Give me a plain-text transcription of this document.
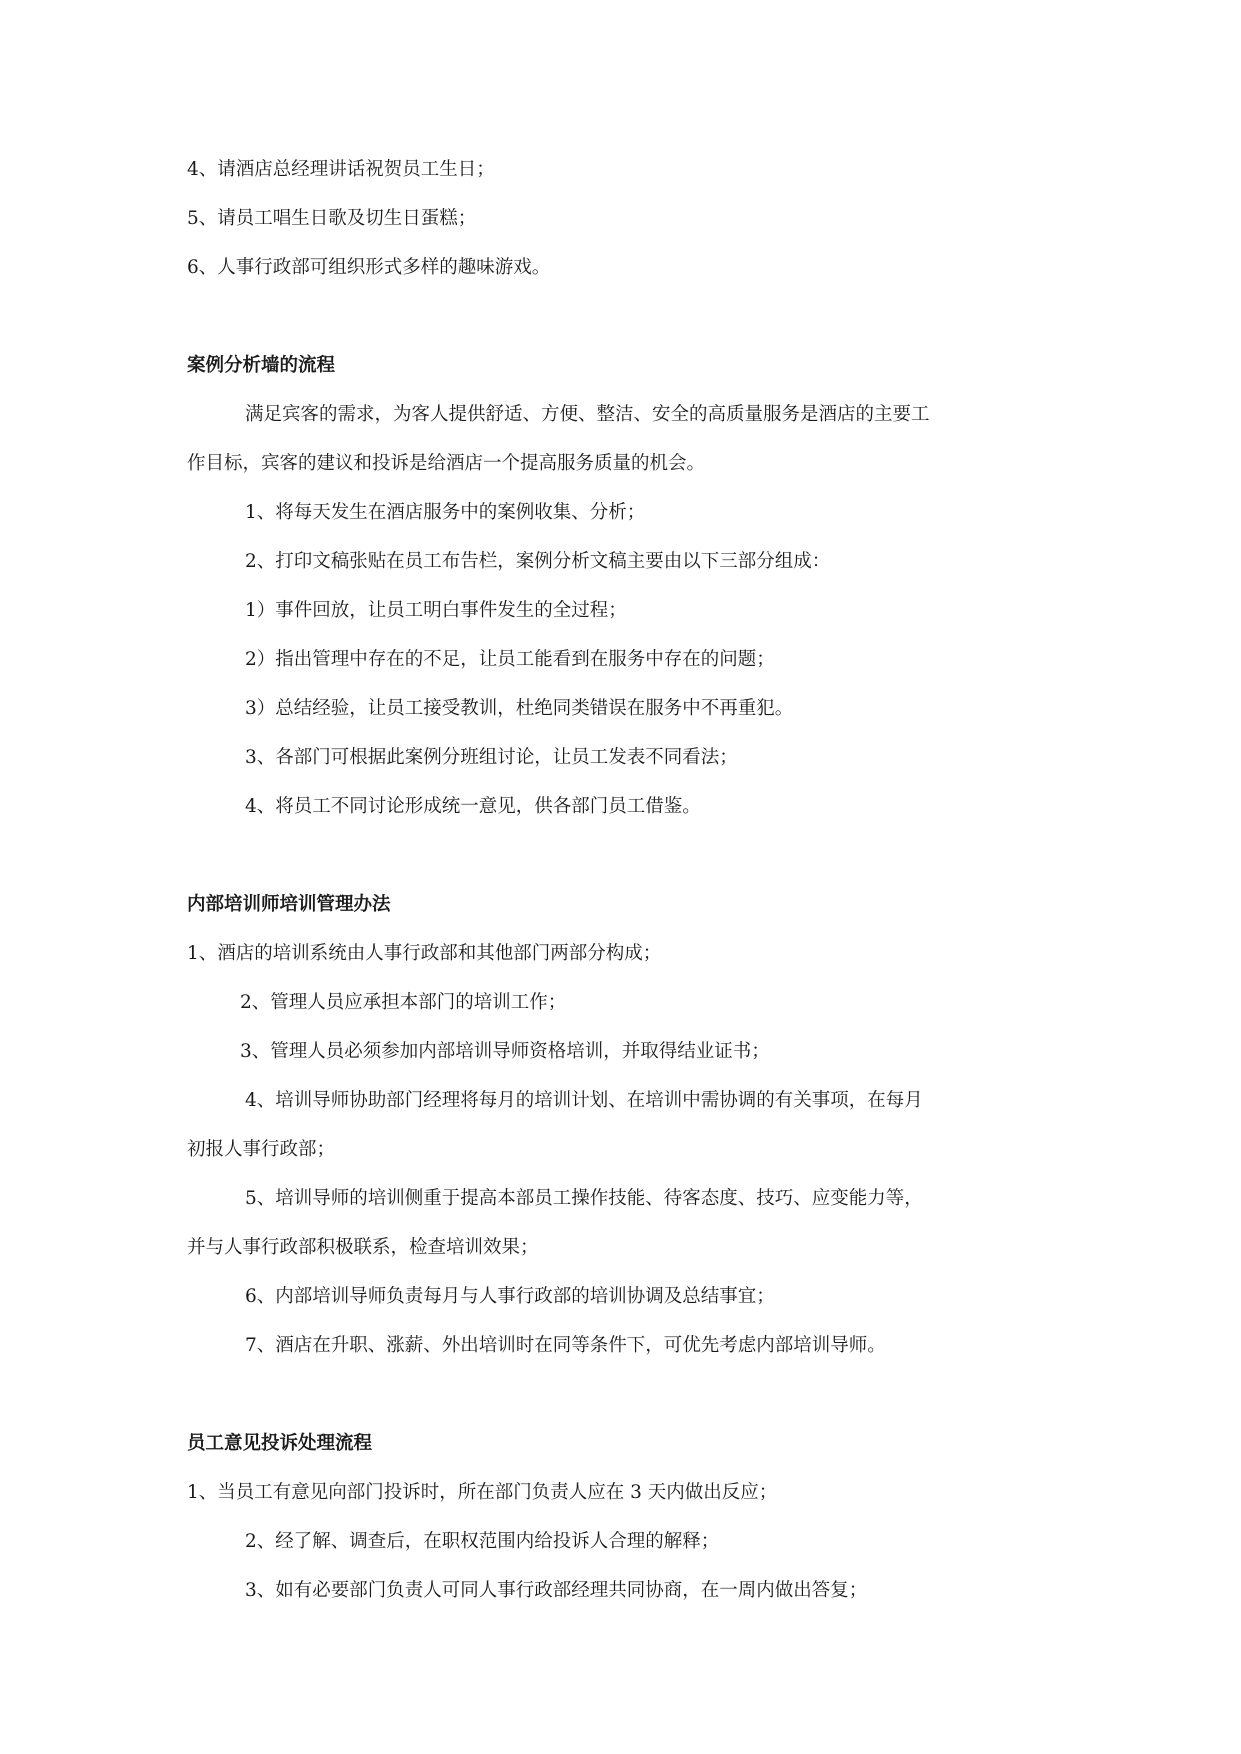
4、请酒店总经理讲话祝贺员工生日；
5、请员工唱生日歌及切生日蛋糕；
6、人事行政部可组织形式多样的趣味游戏。
案例分析墙的流程
满足宾客的需求，为客人提供舒适、方便、整洁、安全的高质量服务是酒店的主要工
作目标，宾客的建议和投诉是给酒店一个提高服务质量的机会。
1、将每天发生在酒店服务中的案例收集、分析；
2、打印文稿张贴在员工布告栏，案例分析文稿主要由以下三部分组成：
1）事件回放，让员工明白事件发生的全过程；
2）指出管理中存在的不足，让员工能看到在服务中存在的问题；
3）总结经验，让员工接受教训，杜绝同类错误在服务中不再重犯。
3、各部门可根据此案例分班组讨论，让员工发表不同看法；
4、将员工不同讨论形成统一意见，供各部门员工借鉴。
内部培训师培训管理办法
1、酒店的培训系统由人事行政部和其他部门两部分构成；
2、管理人员应承担本部门的培训工作；
3、管理人员必须参加内部培训导师资格培训，并取得结业证书；
4、培训导师协助部门经理将每月的培训计划、在培训中需协调的有关事项，在每月
初报人事行政部；
5、培训导师的培训侧重于提高本部员工操作技能、待客态度、技巧、应变能力等，
并与人事行政部积极联系，检查培训效果；
6、内部培训导师负责每月与人事行政部的培训协调及总结事宜；
7、酒店在升职、涨薪、外出培训时在同等条件下，可优先考虑内部培训导师。
员工意见投诉处理流程
1、当员工有意见向部门投诉时，所在部门负责人应在 3 天内做出反应；
2、经了解、调查后，在职权范围内给投诉人合理的解释；
3、如有必要部门负责人可同人事行政部经理共同协商，在一周内做出答复；
